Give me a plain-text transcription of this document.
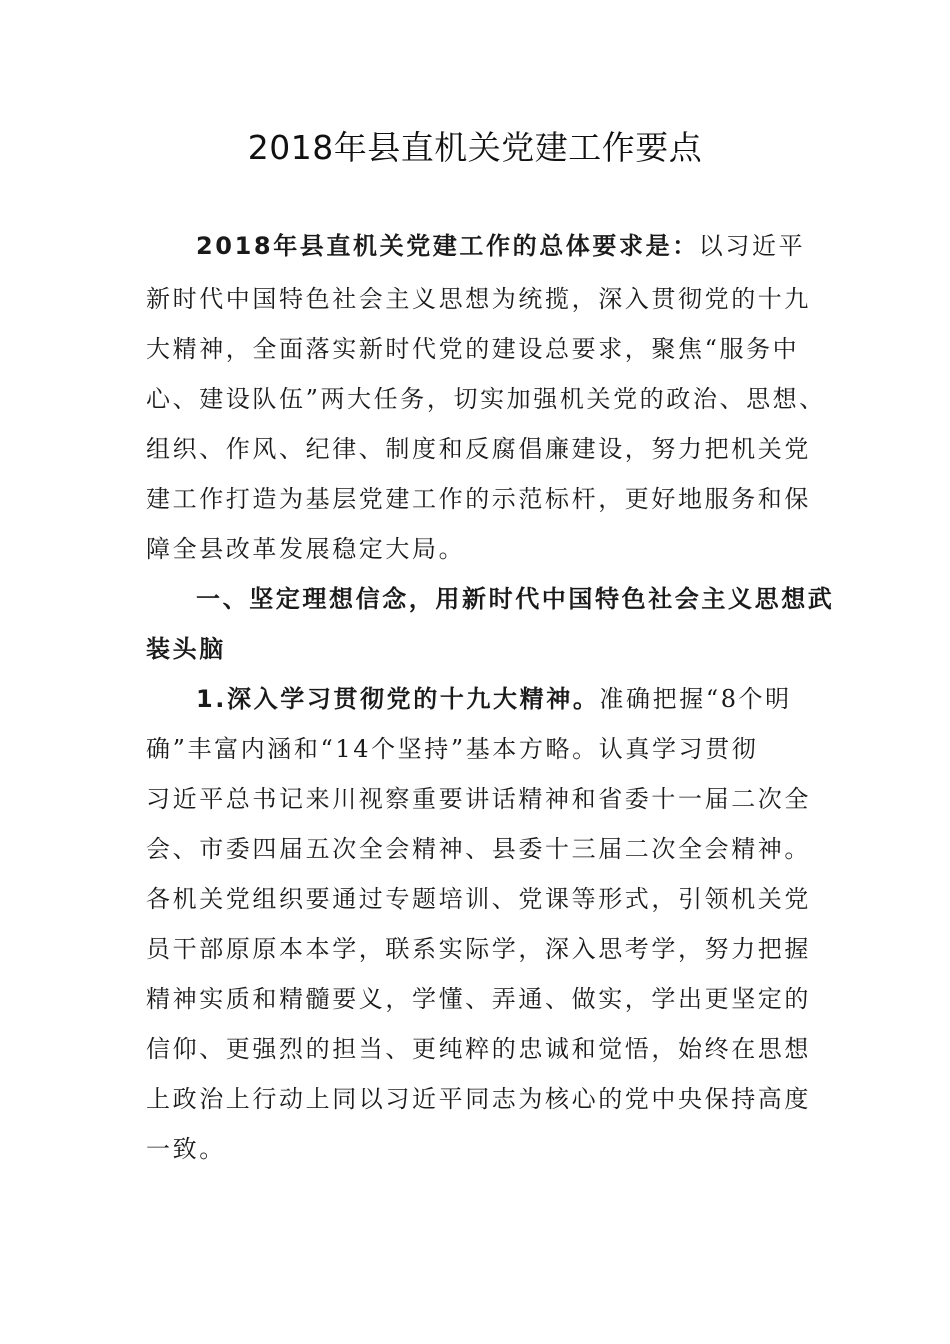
2018年县直机关党建工作要点

2018年县直机关党建工作的总体要求是：以习近平

新时代中国特色社会主义思想为统揽，深入贯彻党的十九

大精神，全面落实新时代党的建设总要求，聚焦“服务中

心、建设队伍”两大任务，切实加强机关党的政治、思想、

组织、作风、纪律、制度和反腐倡廉建设，努力把机关党

建工作打造为基层党建工作的示范标杆，更好地服务和保

障全县改革发展稳定大局。

一、坚定理想信念，用新时代中国特色社会主义思想武

装头脑

1.深入学习贯彻党的十九大精神。准确把握“8个明

确”丰富内涵和“14个坚持”基本方略。认真学习贯彻

习近平总书记来川视察重要讲话精神和省委十一届二次全

会、市委四届五次全会精神、县委十三届二次全会精神。

各机关党组织要通过专题培训、党课等形式，引领机关党

员干部原原本本学，联系实际学，深入思考学，努力把握

精神实质和精髓要义，学懂、弄通、做实，学出更坚定的

信仰、更强烈的担当、更纯粹的忠诚和觉悟，始终在思想

上政治上行动上同以习近平同志为核心的党中央保持高度

一致。
